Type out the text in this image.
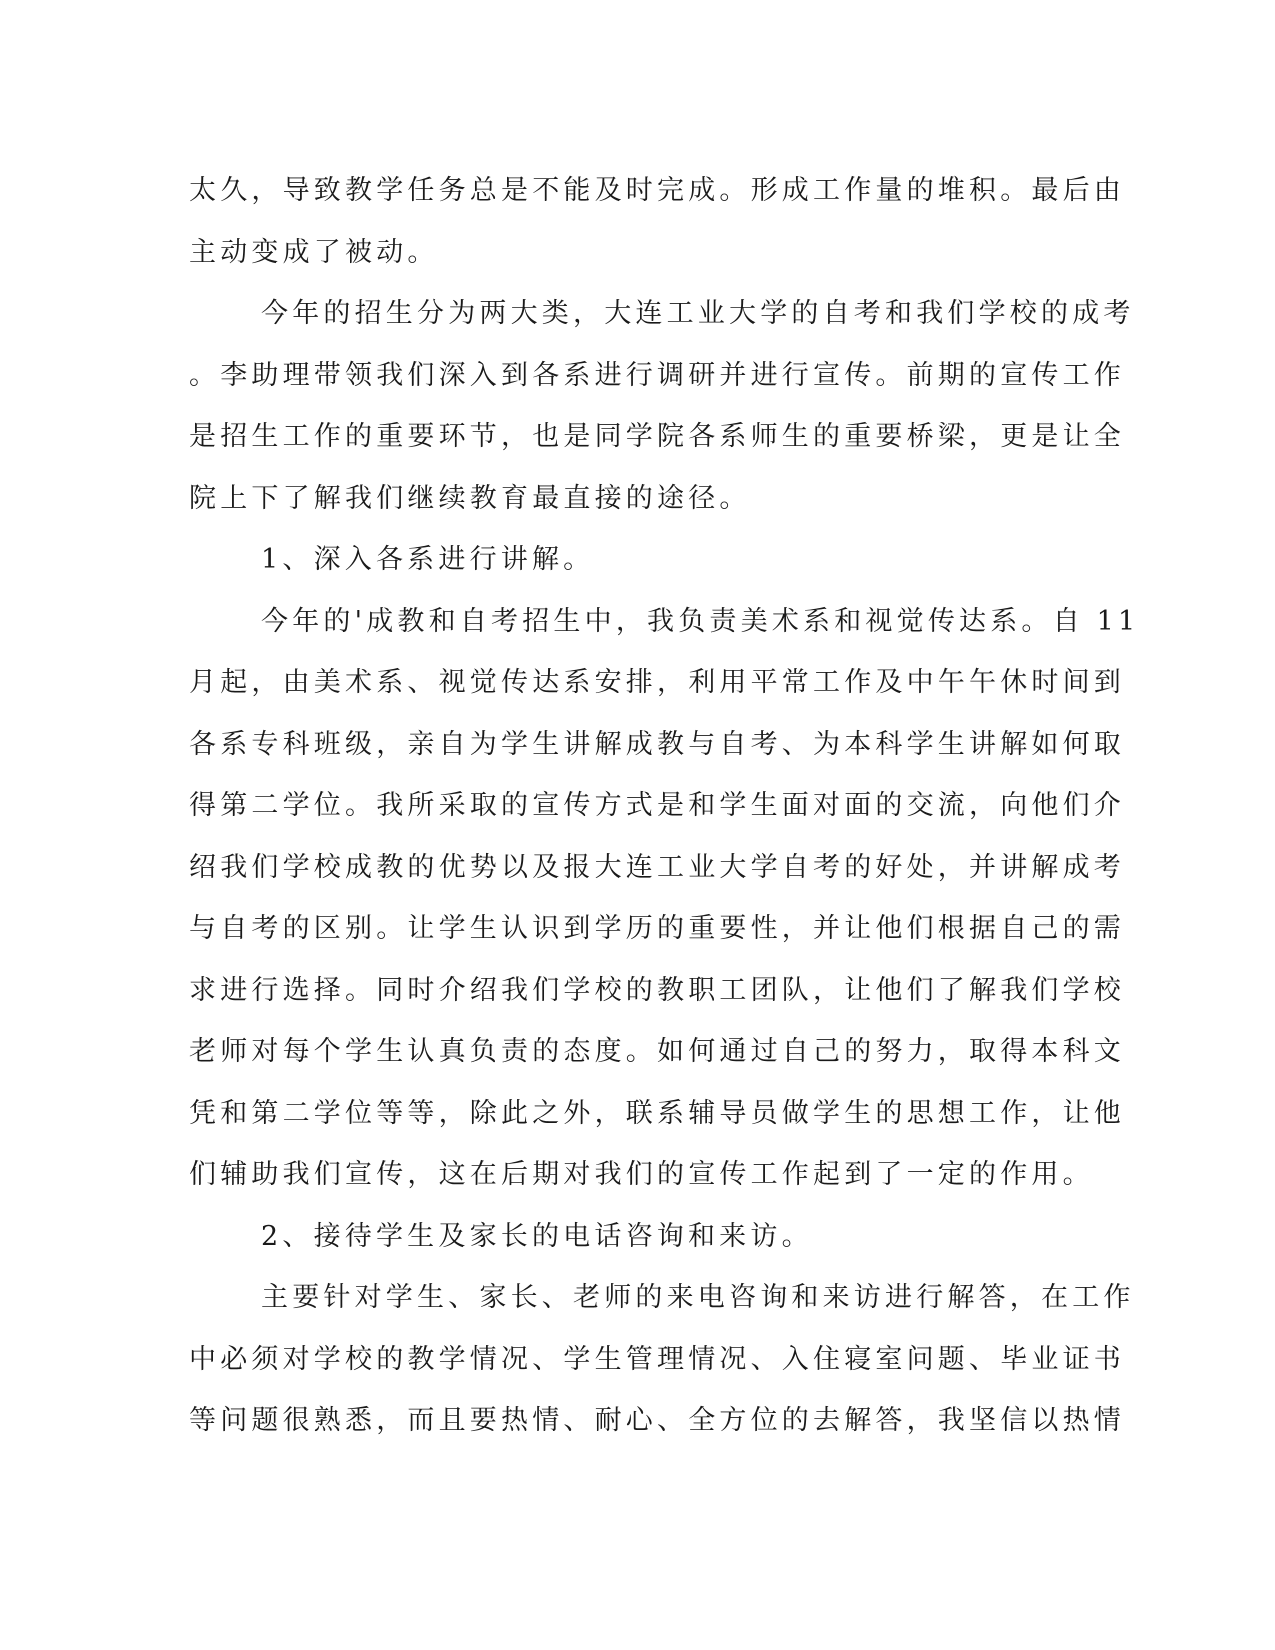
太久，导致教学任务总是不能及时完成。形成工作量的堆积。最后由
主动变成了被动。
今年的招生分为两大类，大连工业大学的自考和我们学校的成考
。李助理带领我们深入到各系进行调研并进行宣传。前期的宣传工作
是招生工作的重要环节，也是同学院各系师生的重要桥梁，更是让全
院上下了解我们继续教育最直接的途径。
1、深入各系进行讲解。
今年的'成教和自考招生中，我负责美术系和视觉传达系。自 11
月起，由美术系、视觉传达系安排，利用平常工作及中午午休时间到
各系专科班级，亲自为学生讲解成教与自考、为本科学生讲解如何取
得第二学位。我所采取的宣传方式是和学生面对面的交流，向他们介
绍我们学校成教的优势以及报大连工业大学自考的好处，并讲解成考
与自考的区别。让学生认识到学历的重要性，并让他们根据自己的需
求进行选择。同时介绍我们学校的教职工团队，让他们了解我们学校
老师对每个学生认真负责的态度。如何通过自己的努力，取得本科文
凭和第二学位等等，除此之外，联系辅导员做学生的思想工作，让他
们辅助我们宣传，这在后期对我们的宣传工作起到了一定的作用。
2、接待学生及家长的电话咨询和来访。
主要针对学生、家长、老师的来电咨询和来访进行解答，在工作
中必须对学校的教学情况、学生管理情况、入住寝室问题、毕业证书
等问题很熟悉，而且要热情、耐心、全方位的去解答，我坚信以热情
